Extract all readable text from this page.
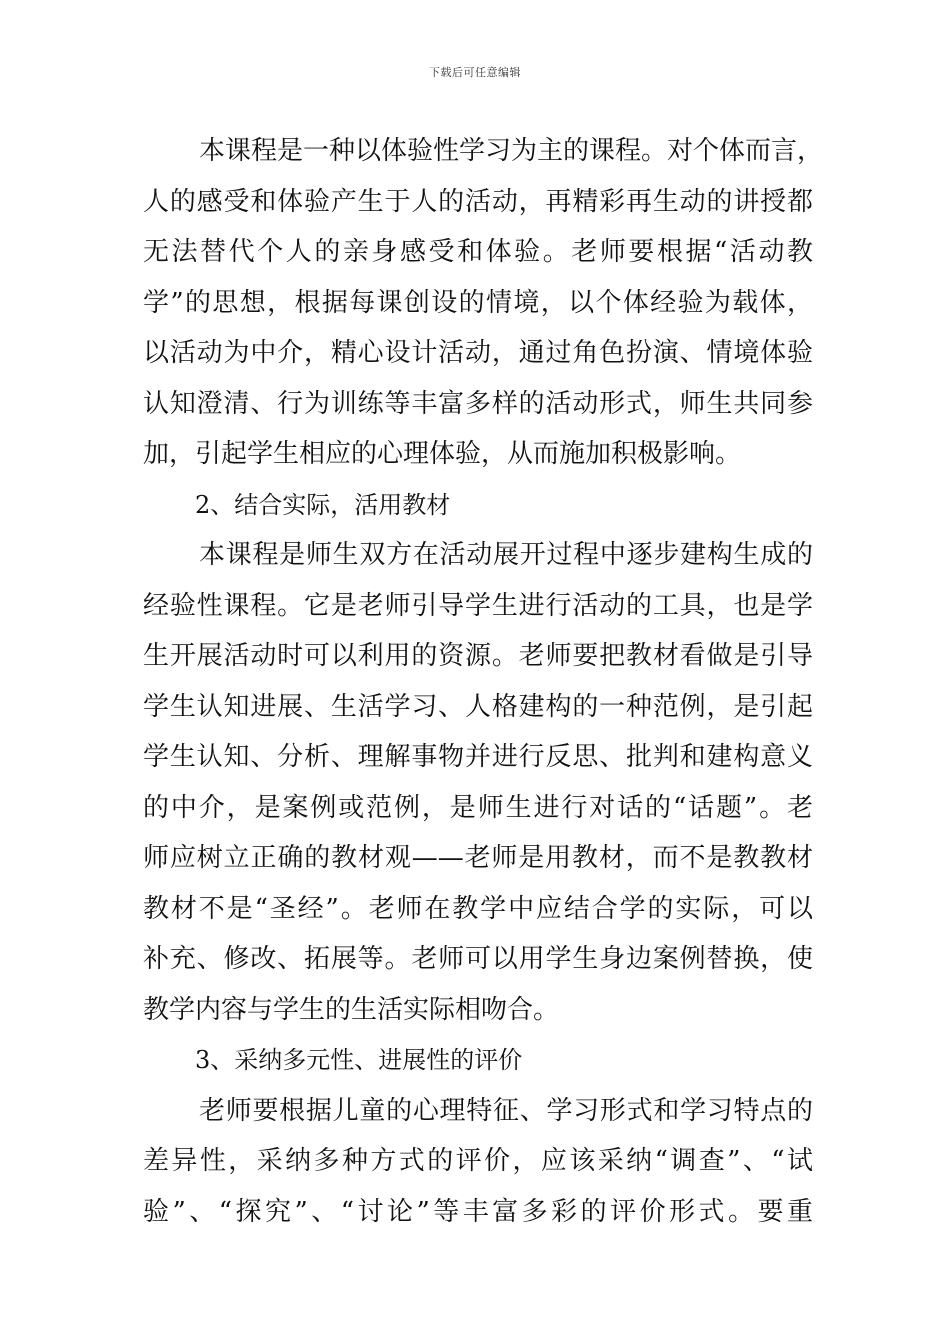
下载后可任意编辑
本课程是一种以体验性学习为主的课程。对个体而言，
人的感受和体验产生于人的活动，再精彩再生动的讲授都
无法替代个人的亲身感受和体验。老师要根据“活动教
学”的思想，根据每课创设的情境，以个体经验为载体，
以活动为中介，精心设计活动，通过角色扮演、情境体验
认知澄清、行为训练等丰富多样的活动形式，师生共同参
加，引起学生相应的心理体验，从而施加积极影响。
2、结合实际，活用教材
本课程是师生双方在活动展开过程中逐步建构生成的
经验性课程。它是老师引导学生进行活动的工具，也是学
生开展活动时可以利用的资源。老师要把教材看做是引导
学生认知进展、生活学习、人格建构的一种范例，是引起
学生认知、分析、理解事物并进行反思、批判和建构意义
的中介，是案例或范例，是师生进行对话的“话题”。老
师应树立正确的教材观——老师是用教材，而不是教教材
教材不是“圣经”。老师在教学中应结合学的实际，可以
补充、修改、拓展等。老师可以用学生身边案例替换，使
教学内容与学生的生活实际相吻合。
3、采纳多元性、进展性的评价
老师要根据儿童的心理特征、学习形式和学习特点的
差异性，采纳多种方式的评价，应该采纳“调查”、“试
验”、“探究”、“讨论”等丰富多彩的评价形式。要重
